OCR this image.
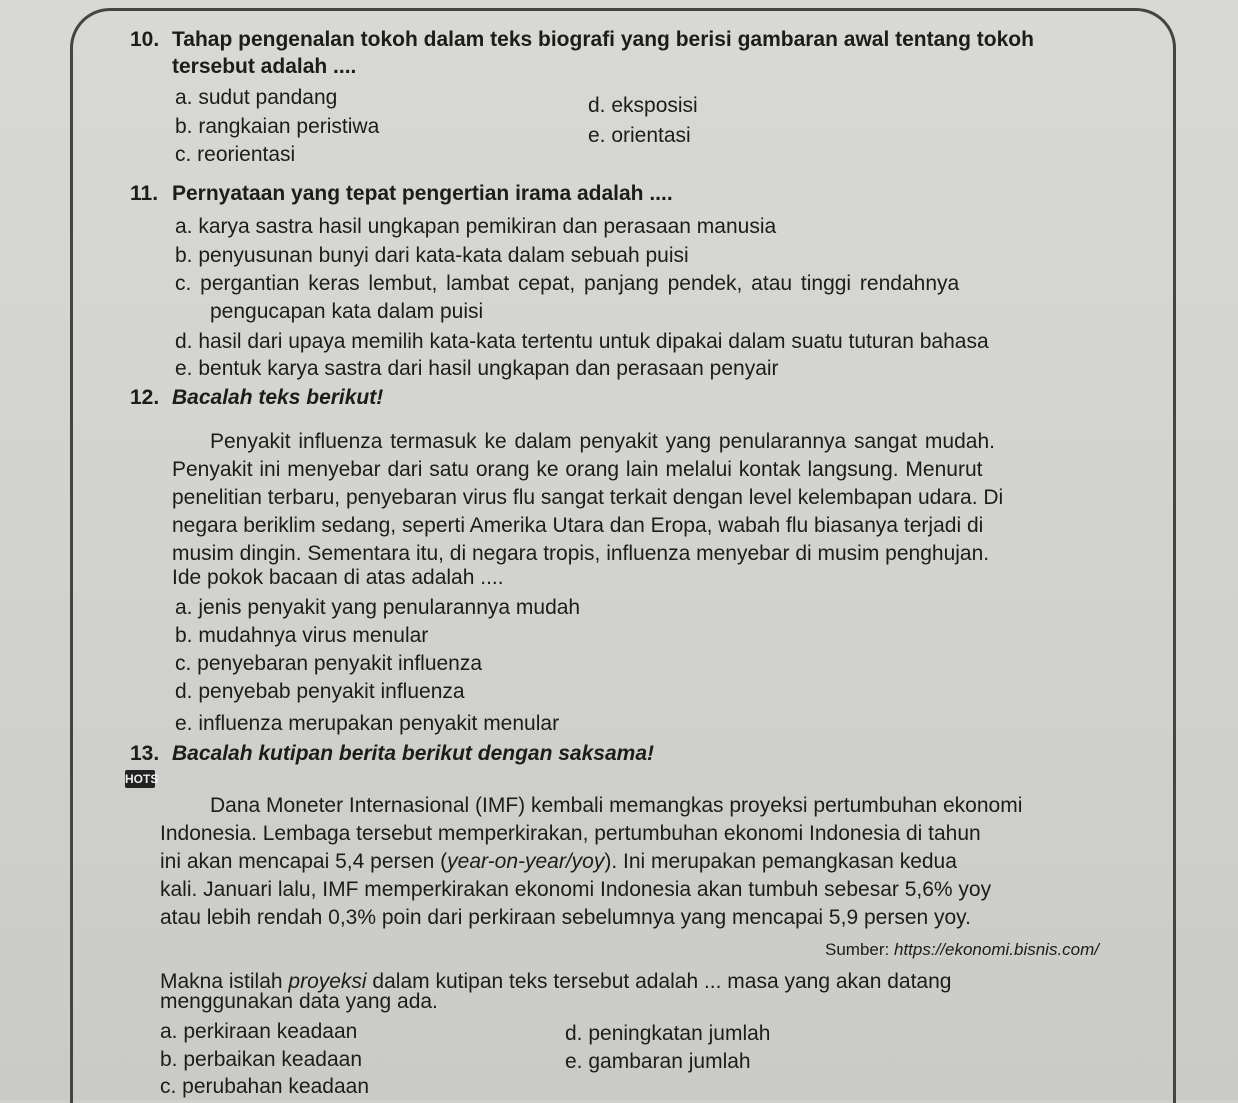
10. Tahap pengenalan tokoh dalam teks biografi yang berisi gambaran awal tentang tokoh
tersebut adalah ....
a. sudut pandang
b. rangkaian peristiwa
c. reorientasi
d. eksposisi
e. orientasi
11. Pernyataan yang tepat pengertian irama adalah ....
a. karya sastra hasil ungkapan pemikiran dan perasaan manusia
b. penyusunan bunyi dari kata-kata dalam sebuah puisi
c. pergantian keras lembut, lambat cepat, panjang pendek, atau tinggi rendahnya
pengucapan kata dalam puisi
d. hasil dari upaya memilih kata-kata tertentu untuk dipakai dalam suatu tuturan bahasa
e. bentuk karya sastra dari hasil ungkapan dan perasaan penyair
12. Bacalah teks berikut!
Penyakit influenza termasuk ke dalam penyakit yang penularannya sangat mudah.
Penyakit ini menyebar dari satu orang ke orang lain melalui kontak langsung. Menurut
penelitian terbaru, penyebaran virus flu sangat terkait dengan level kelembapan udara. Di
negara beriklim sedang, seperti Amerika Utara dan Eropa, wabah flu biasanya terjadi di
musim dingin. Sementara itu, di negara tropis, influenza menyebar di musim penghujan.
Ide pokok bacaan di atas adalah ....
a. jenis penyakit yang penularannya mudah
b. mudahnya virus menular
c. penyebaran penyakit influenza
d. penyebab penyakit influenza
e. influenza merupakan penyakit menular
13. Bacalah kutipan berita berikut dengan saksama!
HOTS
Dana Moneter Internasional (IMF) kembali memangkas proyeksi pertumbuhan ekonomi
Indonesia. Lembaga tersebut memperkirakan, pertumbuhan ekonomi Indonesia di tahun
ini akan mencapai 5,4 persen (year-on-year/yoy). Ini merupakan pemangkasan kedua
kali. Januari lalu, IMF memperkirakan ekonomi Indonesia akan tumbuh sebesar 5,6% yoy
atau lebih rendah 0,3% poin dari perkiraan sebelumnya yang mencapai 5,9 persen yoy.
Sumber: https://ekonomi.bisnis.com/
Makna istilah proyeksi dalam kutipan teks tersebut adalah ... masa yang akan datang
menggunakan data yang ada.
a. perkiraan keadaan
b. perbaikan keadaan
c. perubahan keadaan
d. peningkatan jumlah
e. gambaran jumlah
